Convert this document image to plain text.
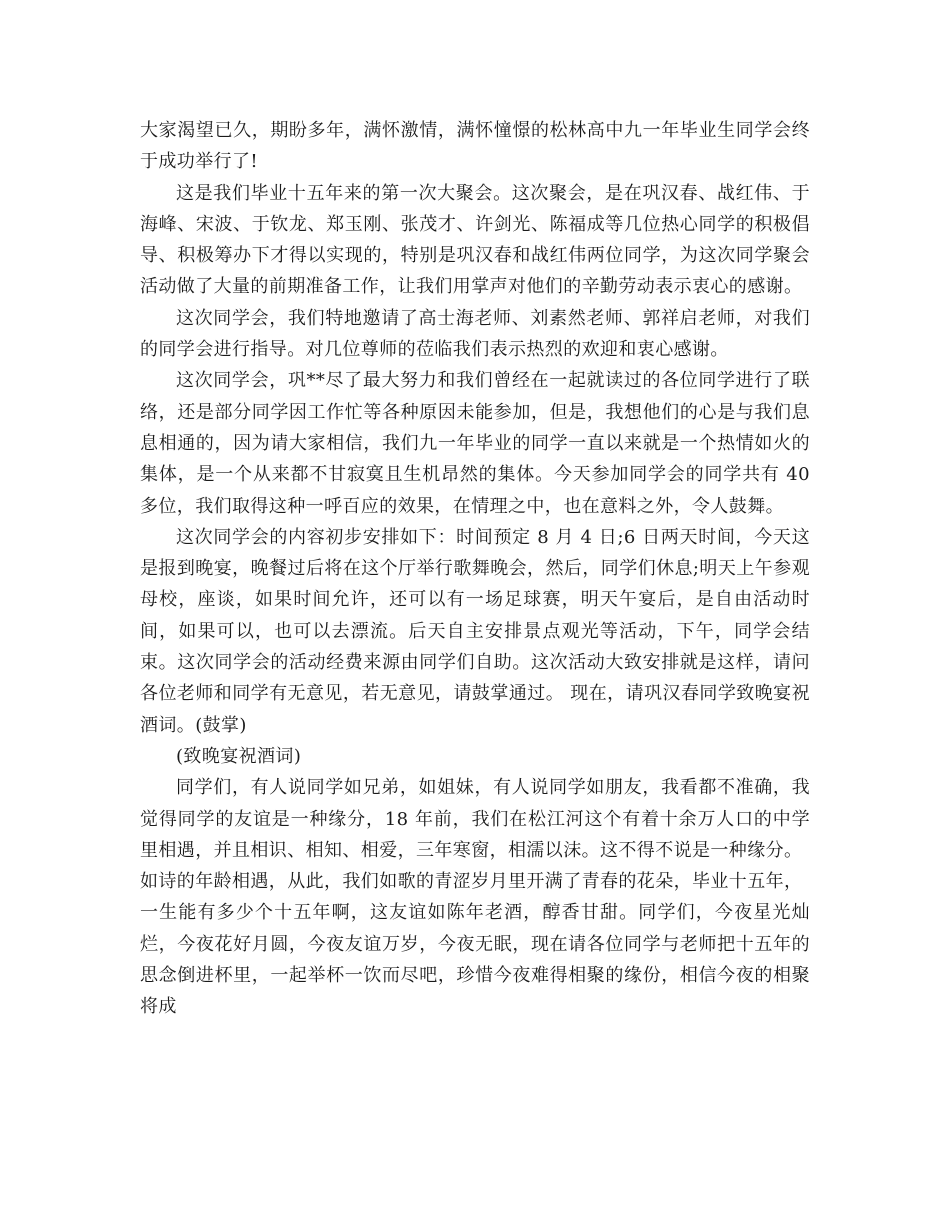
大家渴望已久，期盼多年，满怀激情，满怀憧憬的松林高中九一年毕业生同学会终于成功举行了!

这是我们毕业十五年来的第一次大聚会。这次聚会，是在巩汉春、战红伟、于海峰、宋波、于钦龙、郑玉刚、张茂才、许剑光、陈福成等几位热心同学的积极倡导、积极筹办下才得以实现的，特别是巩汉春和战红伟两位同学，为这次同学聚会活动做了大量的前期准备工作，让我们用掌声对他们的辛勤劳动表示衷心的感谢。

这次同学会，我们特地邀请了高士海老师、刘素然老师、郭祥启老师，对我们的同学会进行指导。对几位尊师的莅临我们表示热烈的欢迎和衷心感谢。

这次同学会，巩**尽了最大努力和我们曾经在一起就读过的各位同学进行了联络，还是部分同学因工作忙等各种原因未能参加，但是，我想他们的心是与我们息息相通的，因为请大家相信，我们九一年毕业的同学一直以来就是一个热情如火的集体，是一个从来都不甘寂寞且生机昂然的集体。今天参加同学会的同学共有 40 多位，我们取得这种一呼百应的效果，在情理之中，也在意料之外，令人鼓舞。

这次同学会的内容初步安排如下：时间预定 8 月 4 日;6 日两天时间，今天这是报到晚宴，晚餐过后将在这个厅举行歌舞晚会，然后，同学们休息;明天上午参观母校，座谈，如果时间允许，还可以有一场足球赛，明天午宴后，是自由活动时间，如果可以，也可以去漂流。后天自主安排景点观光等活动，下午，同学会结束。这次同学会的活动经费来源由同学们自助。这次活动大致安排就是这样，请问各位老师和同学有无意见，若无意见，请鼓掌通过。 现在，请巩汉春同学致晚宴祝酒词。(鼓掌)

(致晚宴祝酒词)

同学们，有人说同学如兄弟，如姐妹，有人说同学如朋友，我看都不准确，我觉得同学的友谊是一种缘分，18 年前，我们在松江河这个有着十余万人口的中学里相遇，并且相识、相知、相爱，三年寒窗，相濡以沫。这不得不说是一种缘分。

如诗的年龄相遇，从此，我们如歌的青涩岁月里开满了青春的花朵，毕业十五年，

一生能有多少个十五年啊，这友谊如陈年老酒，醇香甘甜。同学们，今夜星光灿烂，今夜花好月圆，今夜友谊万岁，今夜无眠，现在请各位同学与老师把十五年的思念倒进杯里，一起举杯一饮而尽吧，珍惜今夜难得相聚的缘份，相信今夜的相聚将成
